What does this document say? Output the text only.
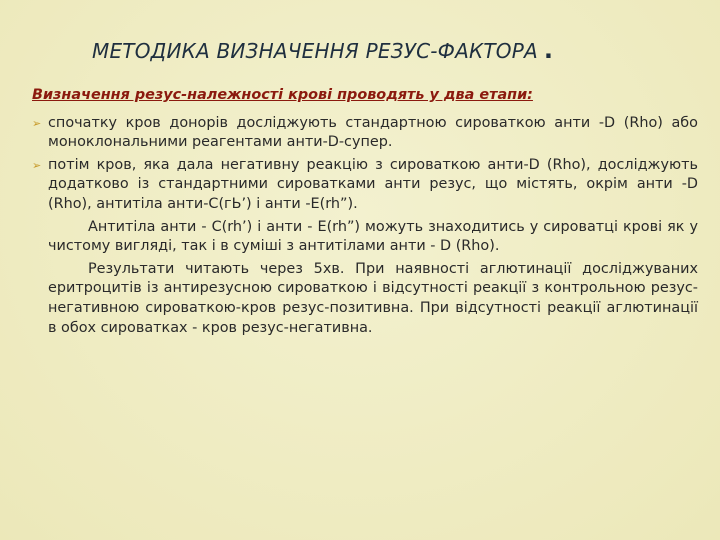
МЕТОДИКА ВИЗНАЧЕННЯ РЕЗУС-ФАКТОРА .
Визначення резус-належності крові проводять у два етапи:
➢ спочатку кров донорів досліджують стандартною сироваткою анти -D (Rho) або моноклональними реагентами анти-D-супер.
➢ потім кров, яка дала негативну реакцію з сироваткою анти-D (Rho), досліджують додатково із стандартними сироватками анти резус, що містять, окрім анти -D (Rho), антитіла анти-С(гЬ’) і анти -E(rh”).
Антитіла анти - C(rh’) і анти - E(rh”) можуть знаходитись у сироватці крові як у чистому вигляді, так і в суміші з антитілами анти - D (Rho).
Результати читають через 5хв. При наявності аглютинації досліджуваних еритроцитів із антирезусною сироваткою і відсутності реакції з контрольною резус-негативною сироваткою-кров резус-позитивна. При відсутності реакції аглютинації в обох сироватках - кров резус-негативна.
